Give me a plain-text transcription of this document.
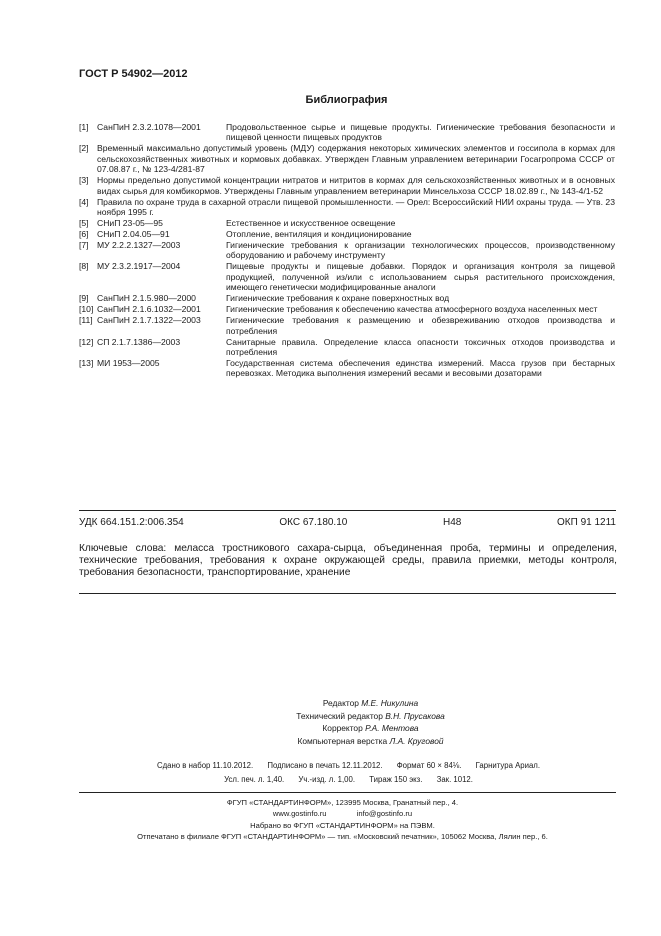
ГОСТ Р 54902—2012
Библиография
[1] СанПиН 2.3.2.1078—2001	Продовольственное сырье и пищевые продукты. Гигиенические требования безопасности и пищевой ценности пищевых продуктов
[2] Временный максимально допустимый уровень (МДУ) содержания некоторых химических элементов и госсипола в кормах для сельскохозяйственных животных и кормовых добавках. Утвержден Главным управлением ветеринарии Госагропрома СССР от 07.08.87 г., № 123-4/281-87
[3] Нормы предельно допустимой концентрации нитратов и нитритов в кормах для сельскохозяйственных животных и в основных видах сырья для комбикормов. Утверждены Главным управлением ветеринарии Минсельхоза СССР 18.02.89 г., № 143-4/1-52
[4] Правила по охране труда в сахарной отрасли пищевой промышленности. — Орел: Всероссийский НИИ охраны труда. — Утв. 23 ноября 1995 г.
[5] СНиП 23-05—95	Естественное и искусственное освещение
[6] СНиП 2.04.05—91	Отопление, вентиляция и кондиционирование
[7] МУ 2.2.2.1327—2003	Гигиенические требования к организации технологических процессов, производственному оборудованию и рабочему инструменту
[8] МУ 2.3.2.1917—2004	Пищевые продукты и пищевые добавки. Порядок и организация контроля за пищевой продукцией, полученной из/или с использованием сырья растительного происхождения, имеющего генетически модифицированные аналоги
[9] СанПиН 2.1.5.980—2000	Гигиенические требования к охране поверхностных вод
[10] СанПиН 2.1.6.1032—2001	Гигиенические требования к обеспечению качества атмосферного воздуха населенных мест
[11] СанПиН 2.1.7.1322—2003	Гигиенические требования к размещению и обезвреживанию отходов производства и потребления
[12] СП 2.1.7.1386—2003	Санитарные правила. Определение класса опасности токсичных отходов производства и потребления
[13] МИ 1953—2005	Государственная система обеспечения единства измерений. Масса грузов при бестарных перевозках. Методика выполнения измерений весами и весовыми дозаторами
УДК 664.151.2:006.354	ОКС 67.180.10	Н48	ОКП 91 1211
Ключевые слова: меласса тростникового сахара-сырца, объединенная проба, термины и определения, технические требования, требования к охране окружающей среды, правила приемки, методы контроля, требования безопасности, транспортирование, хранение
Редактор М.Е. Никулина
Технический редактор В.Н. Прусакова
Корректор Р.А. Ментова
Компьютерная верстка Л.А. Круговой
Сдано в набор 11.10.2012. Подписано в печать 12.11.2012. Формат 60 × 84⅛. Гарнитура Ариал.
Усл. печ. л. 1,40. Уч.-изд. л. 1,00. Тираж 150 экз. Зак. 1012.
ФГУП «СТАНДАРТИНФОРМ», 123995 Москва, Гранатный пер., 4.
www.gostinfo.ru	info@gostinfo.ru
Набрано во ФГУП «СТАНДАРТИНФОРМ» на ПЭВМ.
Отпечатано в филиале ФГУП «СТАНДАРТИНФОРМ» — тип. «Московский печатник», 105062 Москва, Лялин пер., 6.
